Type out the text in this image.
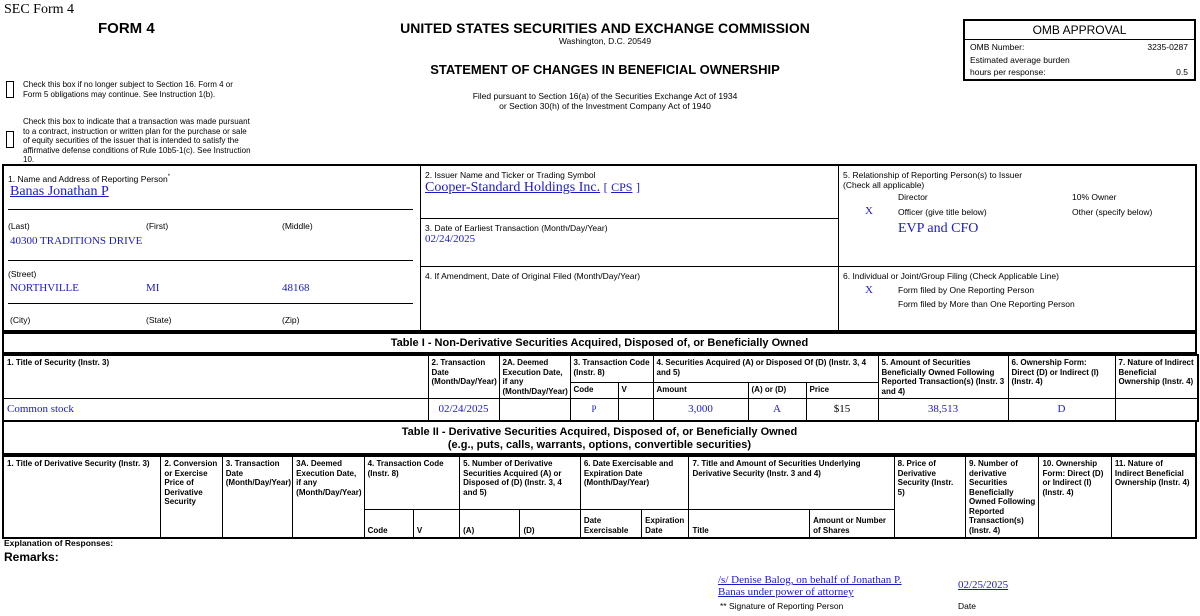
SEC Form 4
FORM 4	UNITED STATES SECURITIES AND EXCHANGE COMMISSION
Washington, D.C. 20549
STATEMENT OF CHANGES IN BENEFICIAL OWNERSHIP
Filed pursuant to Section 16(a) of the Securities Exchange Act of 1934
or Section 30(h) of the Investment Company Act of 1940
OMB APPROVAL
OMB Number:	3235-0287
Estimated average burden
hours per response:	0.5
Check this box if no longer subject to Section 16. Form 4 or Form 5 obligations may continue. See Instruction 1(b).
Check this box to indicate that a transaction was made pursuant to a contract, instruction or written plan for the purchase or sale of equity securities of the issuer that is intended to satisfy the affirmative defense conditions of Rule 10b5-1(c). See Instruction 10.
1. Name and Address of Reporting Person*
Banas Jonathan P
(Last)	(First)	(Middle)
40300 TRADITIONS DRIVE
(Street)
NORTHVILLE	MI	48168
(City)	(State)	(Zip)
2. Issuer Name and Ticker or Trading Symbol
Cooper-Standard Holdings Inc. [ CPS ]
3. Date of Earliest Transaction (Month/Day/Year)
02/24/2025
4. If Amendment, Date of Original Filed (Month/Day/Year)
5. Relationship of Reporting Person(s) to Issuer
(Check all applicable)
Director	10% Owner
X	Officer (give title below)	Other (specify below)
EVP and CFO
6. Individual or Joint/Group Filing (Check Applicable Line)
X	Form filed by One Reporting Person
Form filed by More than One Reporting Person
Table I - Non-Derivative Securities Acquired, Disposed of, or Beneficially Owned
1. Title of Security (Instr. 3)	2. Transaction Date (Month/Day/Year)	2A. Deemed Execution Date, if any (Month/Day/Year)	3. Transaction Code (Instr. 8)		4. Securities Acquired (A) or Disposed Of (D) (Instr. 3, 4 and 5)			5. Amount of Securities Beneficially Owned Following Reported Transaction(s) (Instr. 3 and 4)	6. Ownership Form: Direct (D) or Indirect (I) (Instr. 4)	7. Nature of Indirect Beneficial Ownership (Instr. 4)
			Code	V	Amount	(A) or (D)	Price			
Common stock	02/24/2025		P		3,000	A	$15	38,513	D	
Table II - Derivative Securities Acquired, Disposed of, or Beneficially Owned
(e.g., puts, calls, warrants, options, convertible securities)
1. Title of Derivative Security (Instr. 3)	2. Conversion or Exercise Price of Derivative Security	3. Transaction Date (Month/Day/Year)	3A. Deemed Execution Date, if any (Month/Day/Year)	4. Transaction Code (Instr. 8)		5. Number of Derivative Securities Acquired (A) or Disposed of (D) (Instr. 3, 4 and 5)		6. Date Exercisable and Expiration Date (Month/Day/Year)		7. Title and Amount of Securities Underlying Derivative Security (Instr. 3 and 4)		8. Price of Derivative Security (Instr. 5)	9. Number of derivative Securities Beneficially Owned Following Reported Transaction(s) (Instr. 4)	10. Ownership Form: Direct (D) or Indirect (I) (Instr. 4)	11. Nature of Indirect Beneficial Ownership (Instr. 4)
				Code	V	(A)	(D)	Date Exercisable	Expiration Date	Title	Amount or Number of Shares				
Explanation of Responses:
Remarks:
/s/ Denise Balog, on behalf of Jonathan P. Banas under power of attorney
02/25/2025
** Signature of Reporting Person	Date
